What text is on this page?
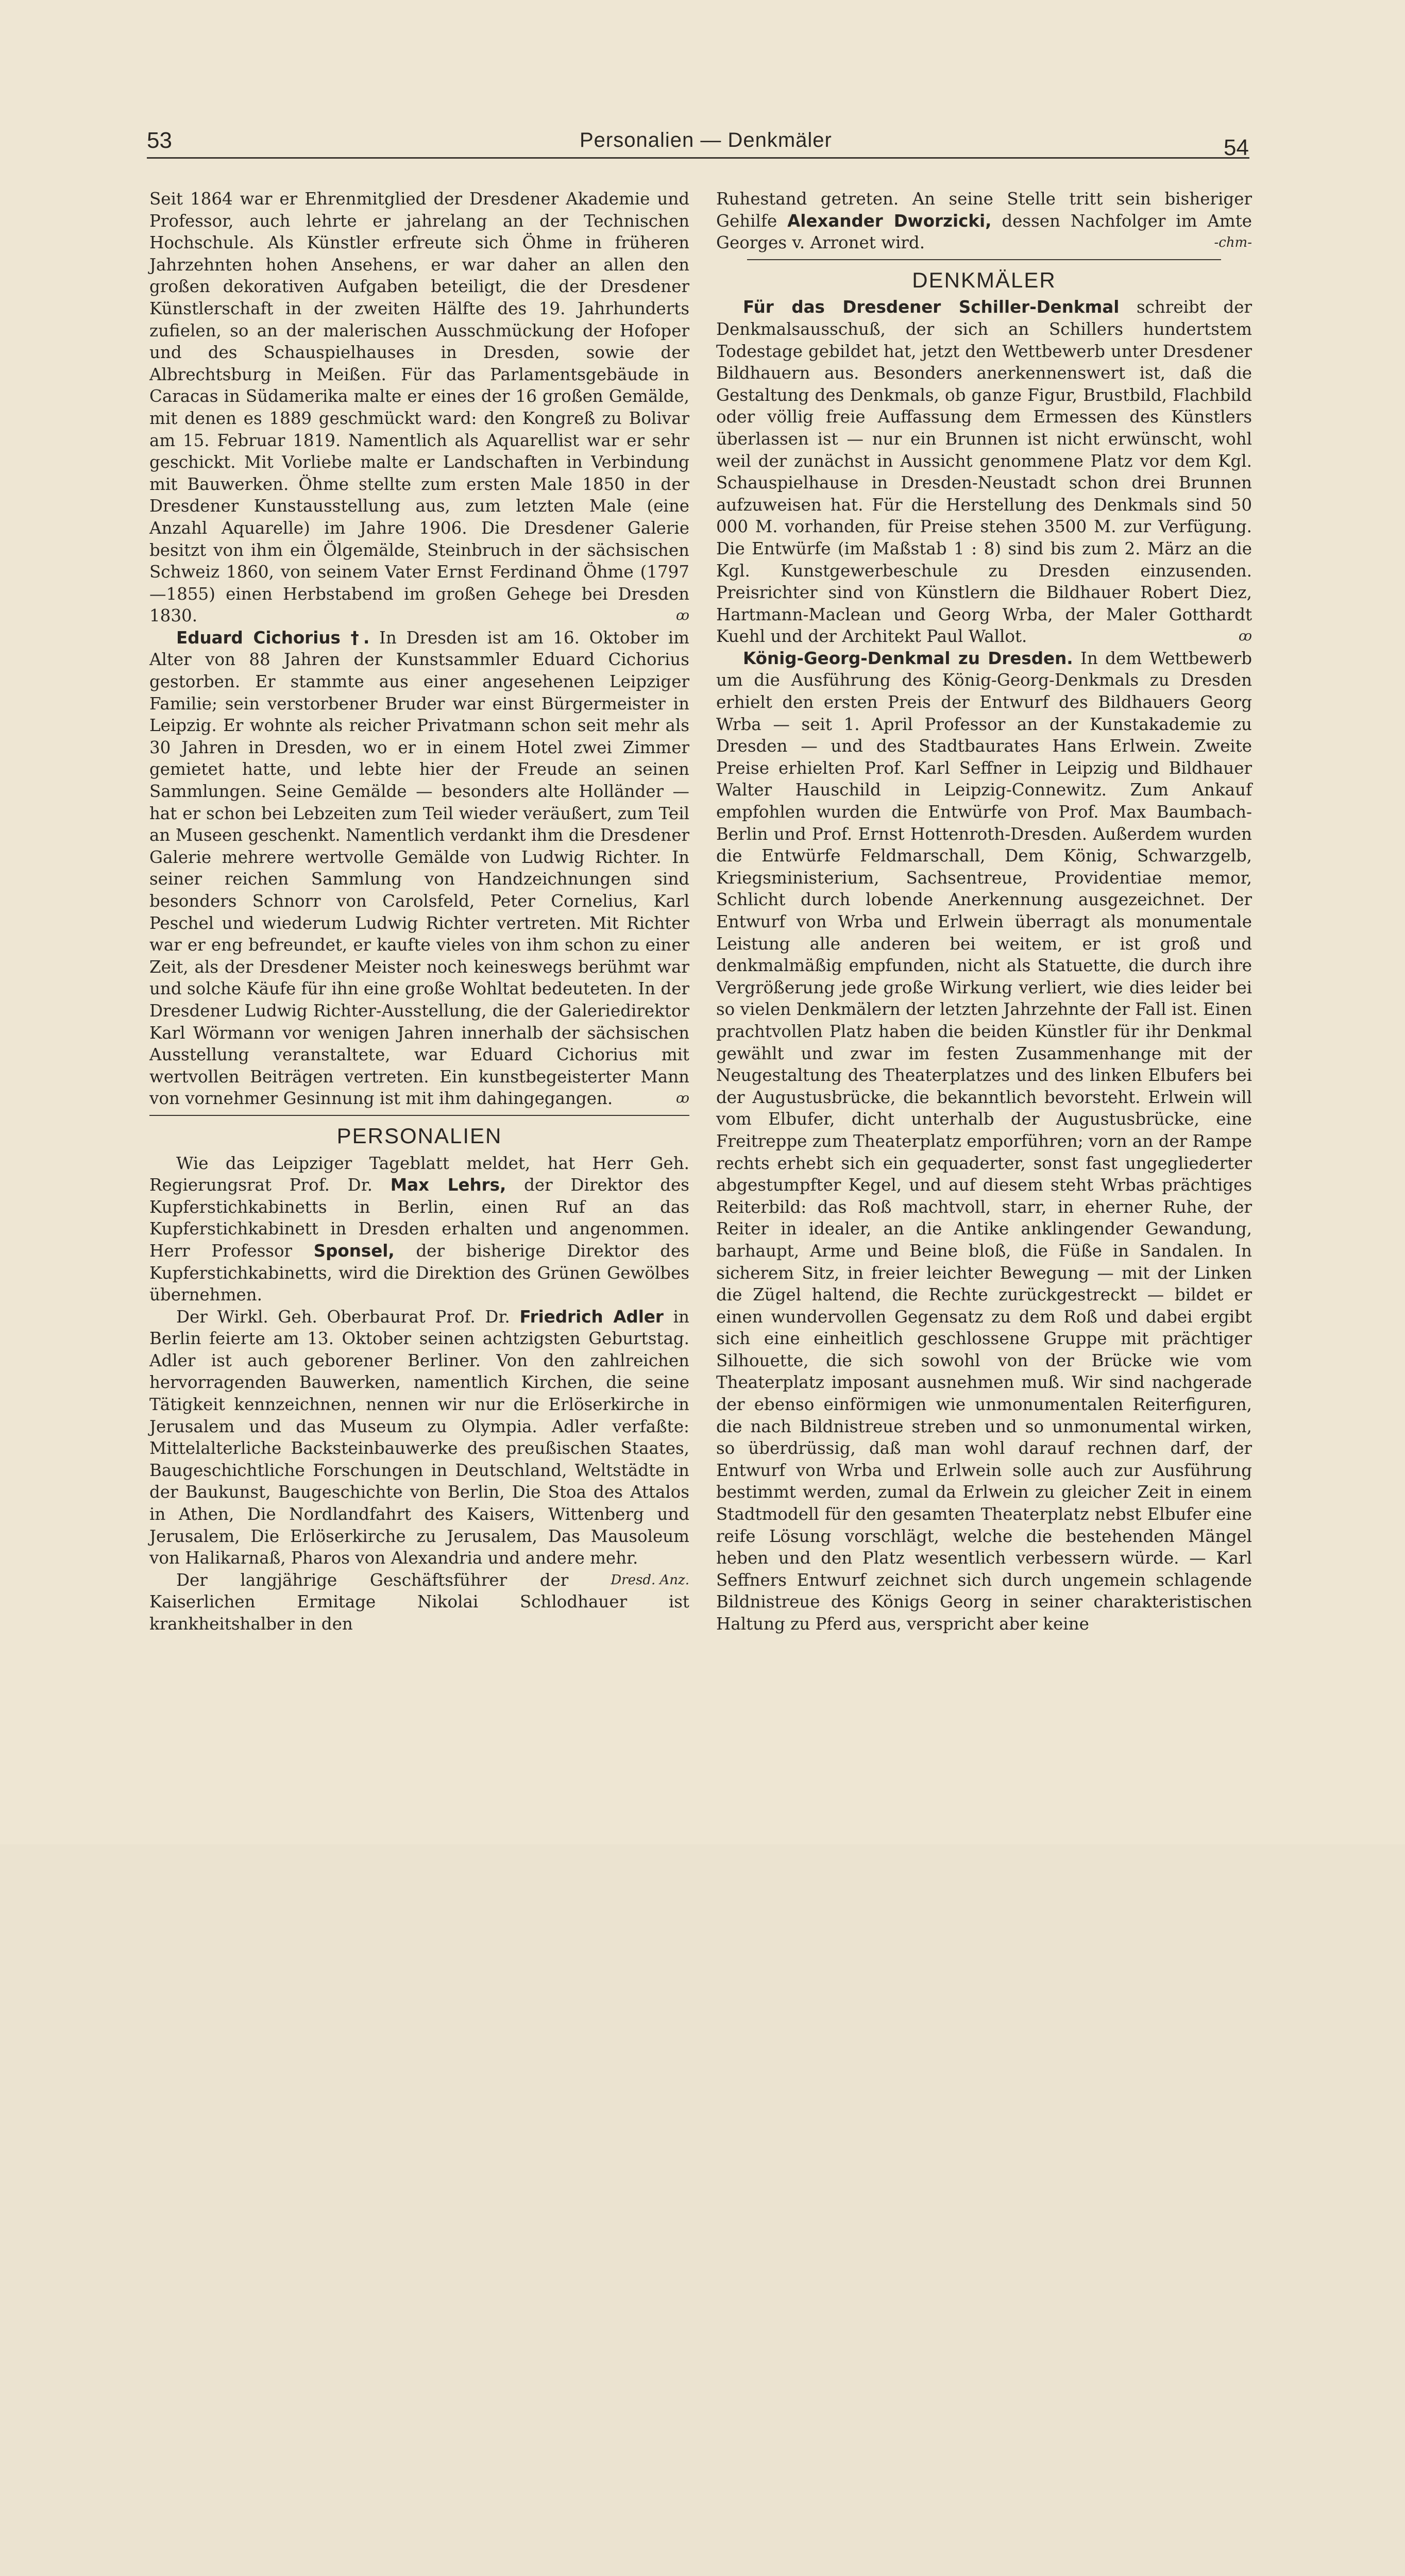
53	Personalien — Denkmäler	54

Seit 1864 war er Ehrenmitglied der Dresdener Akademie und Professor, auch lehrte er jahrelang an der Technischen Hochschule. Als Künstler erfreute sich Öhme in früheren Jahrzehnten hohen Ansehens, er war daher an allen den großen dekorativen Aufgaben beteiligt, die der Dresdener Künstlerschaft in der zweiten Hälfte des 19. Jahrhunderts zufielen, so an der malerischen Ausschmückung der Hofoper und des Schauspielhauses in Dresden, sowie der Albrechtsburg in Meißen. Für das Parlamentsgebäude in Caracas in Südamerika malte er eines der 16 großen Gemälde, mit denen es 1889 geschmückt ward: den Kongreß zu Bolivar am 15. Februar 1819. Namentlich als Aquarellist war er sehr geschickt. Mit Vorliebe malte er Landschaften in Verbindung mit Bauwerken. Öhme stellte zum ersten Male 1850 in der Dresdener Kunstausstellung aus, zum letzten Male (eine Anzahl Aquarelle) im Jahre 1906. Die Dresdener Galerie besitzt von ihm ein Ölgemälde, Steinbruch in der sächsischen Schweiz 1860, von seinem Vater Ernst Ferdinand Öhme (1797—1855) einen Herbstabend im großen Gehege bei Dresden 1830.	ꝏ

Eduard Cichorius †. In Dresden ist am 16. Oktober im Alter von 88 Jahren der Kunstsammler Eduard Cichorius gestorben. Er stammte aus einer angesehenen Leipziger Familie; sein verstorbener Bruder war einst Bürgermeister in Leipzig. Er wohnte als reicher Privatmann schon seit mehr als 30 Jahren in Dresden, wo er in einem Hotel zwei Zimmer gemietet hatte, und lebte hier der Freude an seinen Sammlungen. Seine Gemälde — besonders alte Holländer — hat er schon bei Lebzeiten zum Teil wieder veräußert, zum Teil an Museen geschenkt. Namentlich verdankt ihm die Dresdener Galerie mehrere wertvolle Gemälde von Ludwig Richter. In seiner reichen Sammlung von Handzeichnungen sind besonders Schnorr von Carolsfeld, Peter Cornelius, Karl Peschel und wiederum Ludwig Richter vertreten. Mit Richter war er eng befreundet, er kaufte vieles von ihm schon zu einer Zeit, als der Dresdener Meister noch keineswegs berühmt war und solche Käufe für ihn eine große Wohltat bedeuteten. In der Dresdener Ludwig Richter-Ausstellung, die der Galeriedirektor Karl Wörmann vor wenigen Jahren innerhalb der sächsischen Ausstellung veranstaltete, war Eduard Cichorius mit wertvollen Beiträgen vertreten. Ein kunstbegeisterter Mann von vornehmer Gesinnung ist mit ihm dahingegangen.	ꝏ

PERSONALIEN

Wie das Leipziger Tageblatt meldet, hat Herr Geh. Regierungsrat Prof. Dr. Max Lehrs, der Direktor des Kupferstichkabinetts in Berlin, einen Ruf an das Kupferstichkabinett in Dresden erhalten und angenommen. Herr Professor Sponsel, der bisherige Direktor des Kupferstichkabinetts, wird die Direktion des Grünen Gewölbes übernehmen.

Der Wirkl. Geh. Oberbaurat Prof. Dr. Friedrich Adler in Berlin feierte am 13. Oktober seinen achtzigsten Geburtstag. Adler ist auch geborener Berliner. Von den zahlreichen hervorragenden Bauwerken, namentlich Kirchen, die seine Tätigkeit kennzeichnen, nennen wir nur die Erlöserkirche in Jerusalem und das Museum zu Olympia. Adler verfaßte: Mittelalterliche Backsteinbauwerke des preußischen Staates, Baugeschichtliche Forschungen in Deutschland, Weltstädte in der Baukunst, Baugeschichte von Berlin, Die Stoa des Attalos in Athen, Die Nordlandfahrt des Kaisers, Wittenberg und Jerusalem, Die Erlöserkirche zu Jerusalem, Das Mausoleum von Halikarnaß, Pharos von Alexandria und andere mehr.
Dresd. Anz.

Der langjährige Geschäftsführer der Kaiserlichen Ermitage Nikolai Schlodhauer ist krankheitshalber in den

Ruhestand getreten. An seine Stelle tritt sein bisheriger Gehilfe Alexander Dworzicki, dessen Nachfolger im Amte Georges v. Arronet wird.	-chm-

DENKMÄLER

Für das Dresdener Schiller-Denkmal schreibt der Denkmalsausschuß, der sich an Schillers hundertstem Todestage gebildet hat, jetzt den Wettbewerb unter Dresdener Bildhauern aus. Besonders anerkennenswert ist, daß die Gestaltung des Denkmals, ob ganze Figur, Brustbild, Flachbild oder völlig freie Auffassung dem Ermessen des Künstlers überlassen ist — nur ein Brunnen ist nicht erwünscht, wohl weil der zunächst in Aussicht genommene Platz vor dem Kgl. Schauspielhause in Dresden-Neustadt schon drei Brunnen aufzuweisen hat. Für die Herstellung des Denkmals sind 50 000 M. vorhanden, für Preise stehen 3500 M. zur Verfügung. Die Entwürfe (im Maßstab 1 : 8) sind bis zum 2. März an die Kgl. Kunstgewerbeschule zu Dresden einzusenden. Preisrichter sind von Künstlern die Bildhauer Robert Diez, Hartmann-Maclean und Georg Wrba, der Maler Gotthardt Kuehl und der Architekt Paul Wallot.	ꝏ

König-Georg-Denkmal zu Dresden. In dem Wettbewerb um die Ausführung des König-Georg-Denkmals zu Dresden erhielt den ersten Preis der Entwurf des Bildhauers Georg Wrba — seit 1. April Professor an der Kunstakademie zu Dresden — und des Stadtbaurates Hans Erlwein. Zweite Preise erhielten Prof. Karl Seffner in Leipzig und Bildhauer Walter Hauschild in Leipzig-Connewitz. Zum Ankauf empfohlen wurden die Entwürfe von Prof. Max Baumbach-Berlin und Prof. Ernst Hottenroth-Dresden. Außerdem wurden die Entwürfe Feldmarschall, Dem König, Schwarzgelb, Kriegsministerium, Sachsentreue, Providentiae memor, Schlicht durch lobende Anerkennung ausgezeichnet. Der Entwurf von Wrba und Erlwein überragt als monumentale Leistung alle anderen bei weitem, er ist groß und denkmalmäßig empfunden, nicht als Statuette, die durch ihre Vergrößerung jede große Wirkung verliert, wie dies leider bei so vielen Denkmälern der letzten Jahrzehnte der Fall ist. Einen prachtvollen Platz haben die beiden Künstler für ihr Denkmal gewählt und zwar im festen Zusammenhange mit der Neugestaltung des Theaterplatzes und des linken Elbufers bei der Augustusbrücke, die bekanntlich bevorsteht. Erlwein will vom Elbufer, dicht unterhalb der Augustusbrücke, eine Freitreppe zum Theaterplatz emporführen; vorn an der Rampe rechts erhebt sich ein gequaderter, sonst fast ungegliederter abgestumpfter Kegel, und auf diesem steht Wrbas prächtiges Reiterbild: das Roß machtvoll, starr, in eherner Ruhe, der Reiter in idealer, an die Antike anklingender Gewandung, barhaupt, Arme und Beine bloß, die Füße in Sandalen. In sicherem Sitz, in freier leichter Bewegung — mit der Linken die Zügel haltend, die Rechte zurückgestreckt — bildet er einen wundervollen Gegensatz zu dem Roß und dabei ergibt sich eine einheitlich geschlossene Gruppe mit prächtiger Silhouette, die sich sowohl von der Brücke wie vom Theaterplatz imposant ausnehmen muß. Wir sind nachgerade der ebenso einförmigen wie unmonumentalen Reiterfiguren, die nach Bildnistreue streben und so unmonumental wirken, so überdrüssig, daß man wohl darauf rechnen darf, der Entwurf von Wrba und Erlwein solle auch zur Ausführung bestimmt werden, zumal da Erlwein zu gleicher Zeit in einem Stadtmodell für den gesamten Theaterplatz nebst Elbufer eine reife Lösung vorschlägt, welche die bestehenden Mängel heben und den Platz wesentlich verbessern würde. — Karl Seffners Entwurf zeichnet sich durch ungemein schlagende Bildnistreue des Königs Georg in seiner charakteristischen Haltung zu Pferd aus, verspricht aber keine
